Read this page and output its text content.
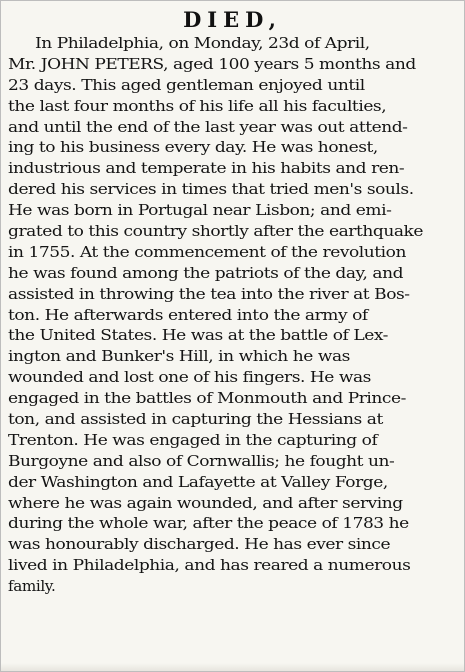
DIED,
In Philadelphia, on Monday, 23d of April,
Mr. JOHN PETERS, aged 100 years 5 months and
23 days. This aged gentleman enjoyed until
the last four months of his life all his faculties,
and until the end of the last year was out attend-
ing to his business every day. He was honest,
industrious and temperate in his habits and ren-
dered his services in times that tried men's souls.
He was born in Portugal near Lisbon; and emi-
grated to this country shortly after the earthquake
in 1755. At the commencement of the revolution
he was found among the patriots of the day, and
assisted in throwing the tea into the river at Bos-
ton. He afterwards entered into the army of
the United States. He was at the battle of Lex-
ington and Bunker's Hill, in which he was
wounded and lost one of his fingers. He was
engaged in the battles of Monmouth and Prince-
ton, and assisted in capturing the Hessians at
Trenton. He was engaged in the capturing of
Burgoyne and also of Cornwallis; he fought un-
der Washington and Lafayette at Valley Forge,
where he was again wounded, and after serving
during the whole war, after the peace of 1783 he
was honourably discharged. He has ever since
lived in Philadelphia, and has reared a numerous
family.
